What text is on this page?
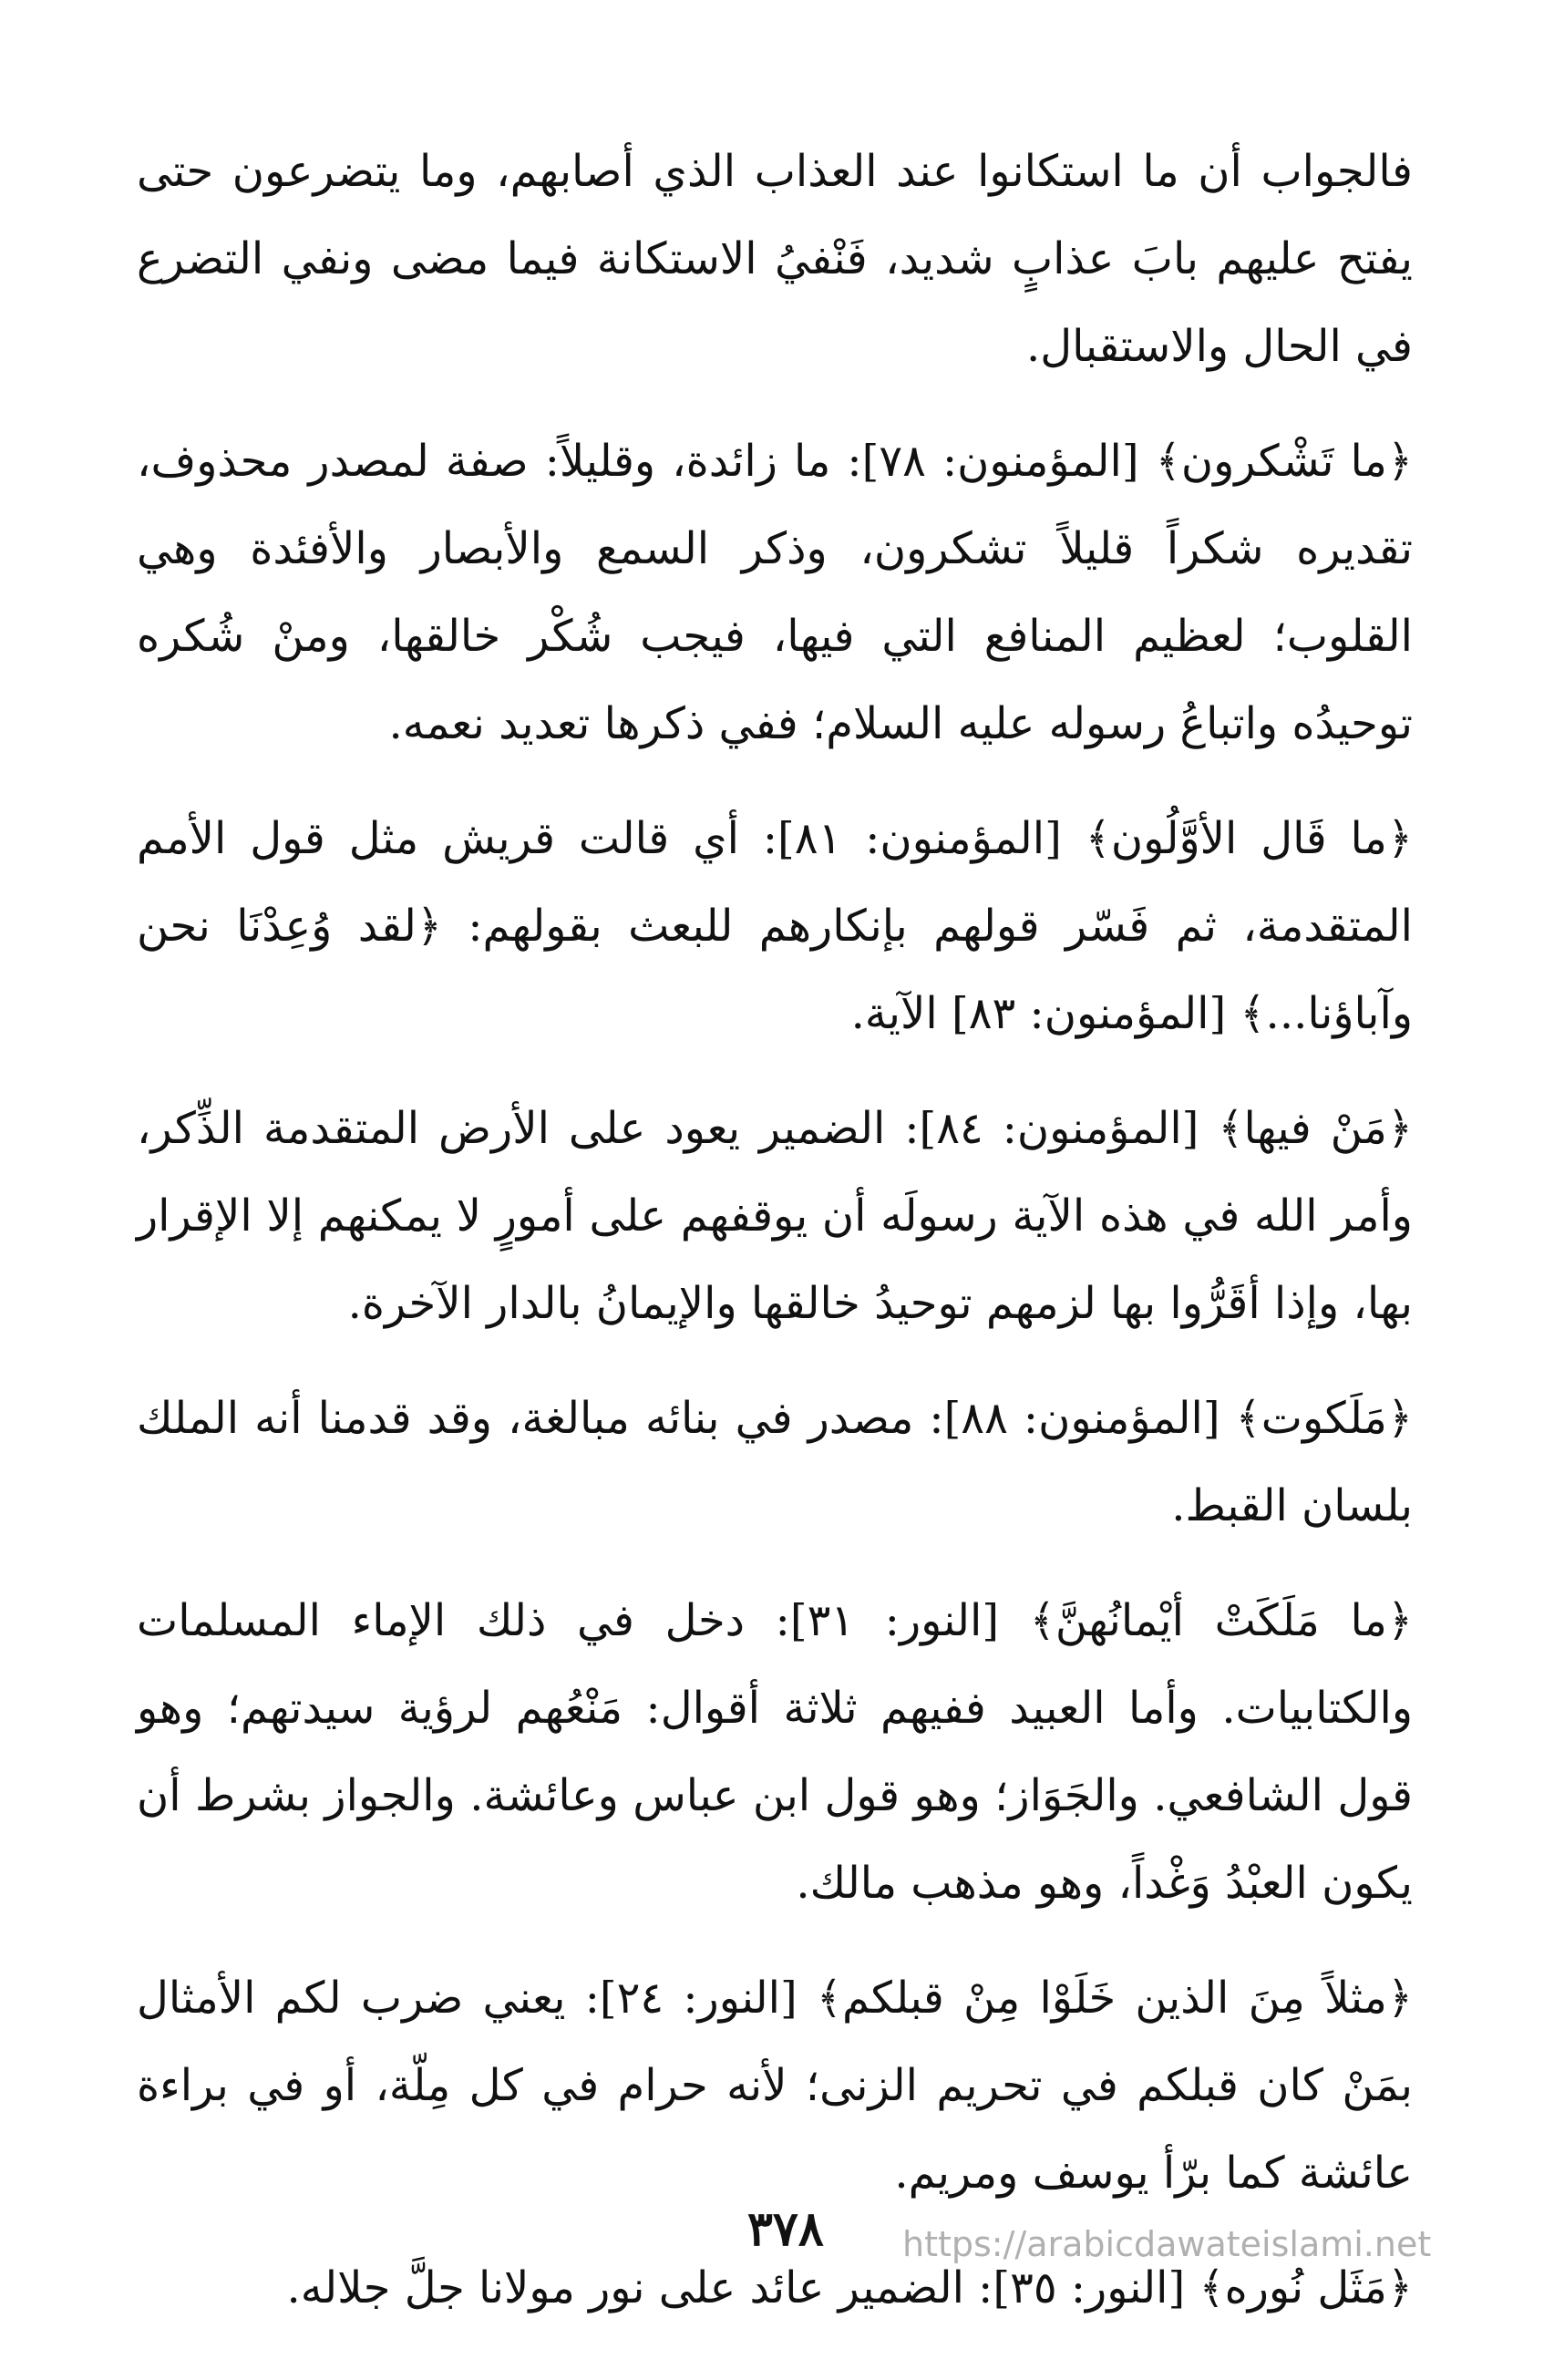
فالجواب أن ما استكانوا عند العذاب الذي أصابهم، وما يتضرعون حتى يفتح عليهم بابَ عذابٍ شديد، فَنْفيُ الاستكانة فيما مضى ونفي التضرع في الحال والاستقبال.

﴿ما تَشْكرون﴾ [المؤمنون: ٧٨]: ما زائدة، وقليلاً: صفة لمصدر محذوف، تقديره شكراً قليلاً تشكرون، وذكر السمع والأبصار والأفئدة وهي القلوب؛ لعظيم المنافع التي فيها، فيجب شُكْر خالقها، ومنْ شُكره توحيدُه واتباعُ رسوله عليه السلام؛ ففي ذكرها تعديد نعمه.

﴿ما قَال الأوَّلُون﴾ [المؤمنون: ٨١]: أي قالت قريش مثل قول الأمم المتقدمة، ثم فَسّر قولهم بإنكارهم للبعث بقولهم: ﴿لقد وُعِدْنَا نحن وآباؤنا...﴾ [المؤمنون: ٨٣] الآية.

﴿مَنْ فيها﴾ [المؤمنون: ٨٤]: الضمير يعود على الأرض المتقدمة الذِّكر، وأمر الله في هذه الآية رسولَه أن يوقفهم على أمورٍ لا يمكنهم إلا الإقرار بها، وإذا أقَرُّوا بها لزمهم توحيدُ خالقها والإيمانُ بالدار الآخرة.

﴿مَلَكوت﴾ [المؤمنون: ٨٨]: مصدر في بنائه مبالغة، وقد قدمنا أنه الملك بلسان القبط.

﴿ما مَلَكَتْ أيْمانُهنَّ﴾ [النور: ٣١]: دخل في ذلك الإماء المسلمات والكتابيات. وأما العبيد ففيهم ثلاثة أقوال: مَنْعُهم لرؤية سيدتهم؛ وهو قول الشافعي. والجَوَاز؛ وهو قول ابن عباس وعائشة. والجواز بشرط أن يكون العبْدُ وَغْداً، وهو مذهب مالك.

﴿مثلاً مِنَ الذين خَلَوْا مِنْ قبلكم﴾ [النور: ٢٤]: يعني ضرب لكم الأمثال بمَنْ كان قبلكم في تحريم الزنى؛ لأنه حرام في كل مِلّة، أو في براءة عائشة كما برّأ يوسف ومريم.

﴿مَثَل نُوره﴾ [النور: ٣٥]: الضمير عائد على نور مولانا جلَّ جلاله.

٣٧٨ https://arabicdawateislami.net
